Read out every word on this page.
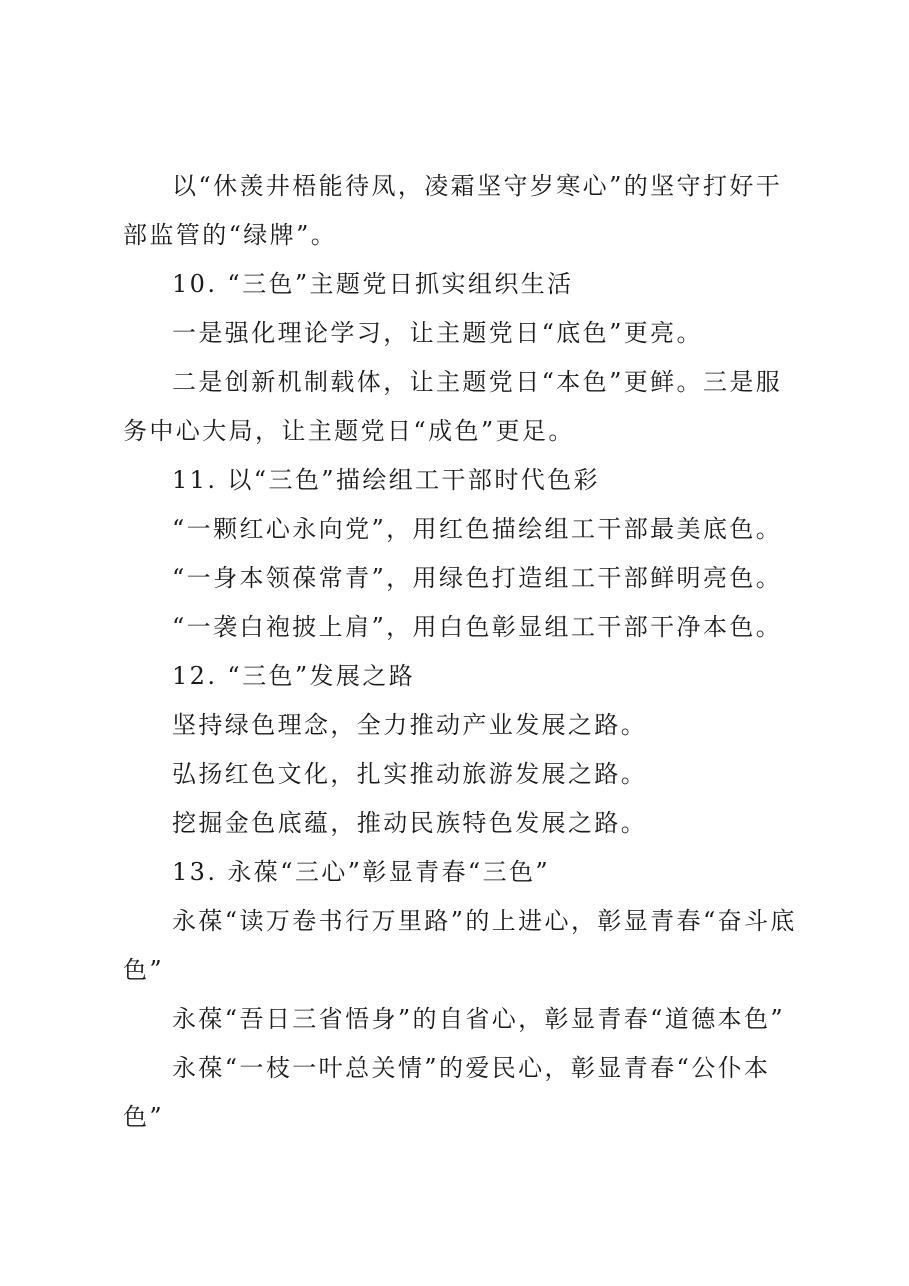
以“休羡井梧能待凤，凌霜坚守岁寒心”的坚守打好干部监管的“绿牌”。

10. “三色”主题党日抓实组织生活

一是强化理论学习，让主题党日“底色”更亮。

二是创新机制载体，让主题党日“本色”更鲜。三是服务中心大局，让主题党日“成色”更足。

11. 以“三色”描绘组工干部时代色彩

“一颗红心永向党”，用红色描绘组工干部最美底色。

“一身本领葆常青”，用绿色打造组工干部鲜明亮色。

“一袭白袍披上肩”，用白色彰显组工干部干净本色。

12. “三色”发展之路

坚持绿色理念，全力推动产业发展之路。

弘扬红色文化，扎实推动旅游发展之路。

挖掘金色底蕴，推动民族特色发展之路。

13. 永葆“三心”彰显青春“三色”

永葆“读万卷书行万里路”的上进心，彰显青春“奋斗底色”

永葆“吾日三省悟身”的自省心，彰显青春“道德本色”

永葆“一枝一叶总关情”的爱民心，彰显青春“公仆本色”
